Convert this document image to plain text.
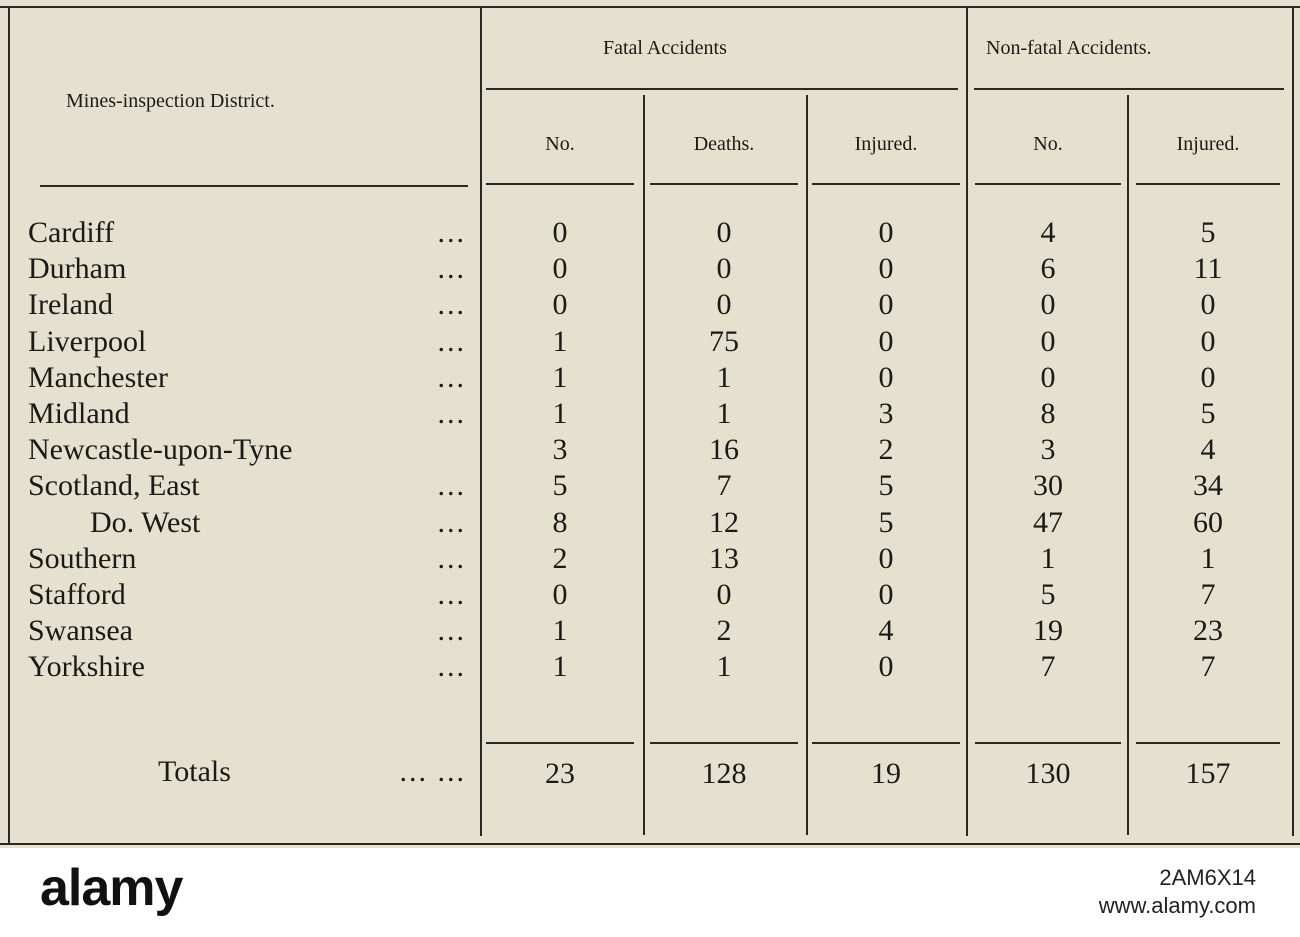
Mines-inspection District.
Fatal Accidents	Non-fatal Accidents.
No.	Deaths.	Injured.	No.	Injured.
Cardiff	...	0	0	0	4	5
Durham	...	0	0	0	6	11
Ireland	...	0	0	0	0	0
Liverpool	...	1	75	0	0	0
Manchester	...	1	1	0	0	0
Midland	...	1	1	3	8	5
Newcastle-upon-Tyne	3	16	2	3	4
Scotland, East	...	5	7	5	30	34
Do. West	...	8	12	5	47	60
Southern	...	2	13	0	1	1
Stafford	...	0	0	0	5	7
Swansea	...	1	2	4	19	23
Yorkshire	...	1	1	0	7	7
Totals	... ...	23	128	19	130	157
alamy	2AM6X14
www.alamy.com
